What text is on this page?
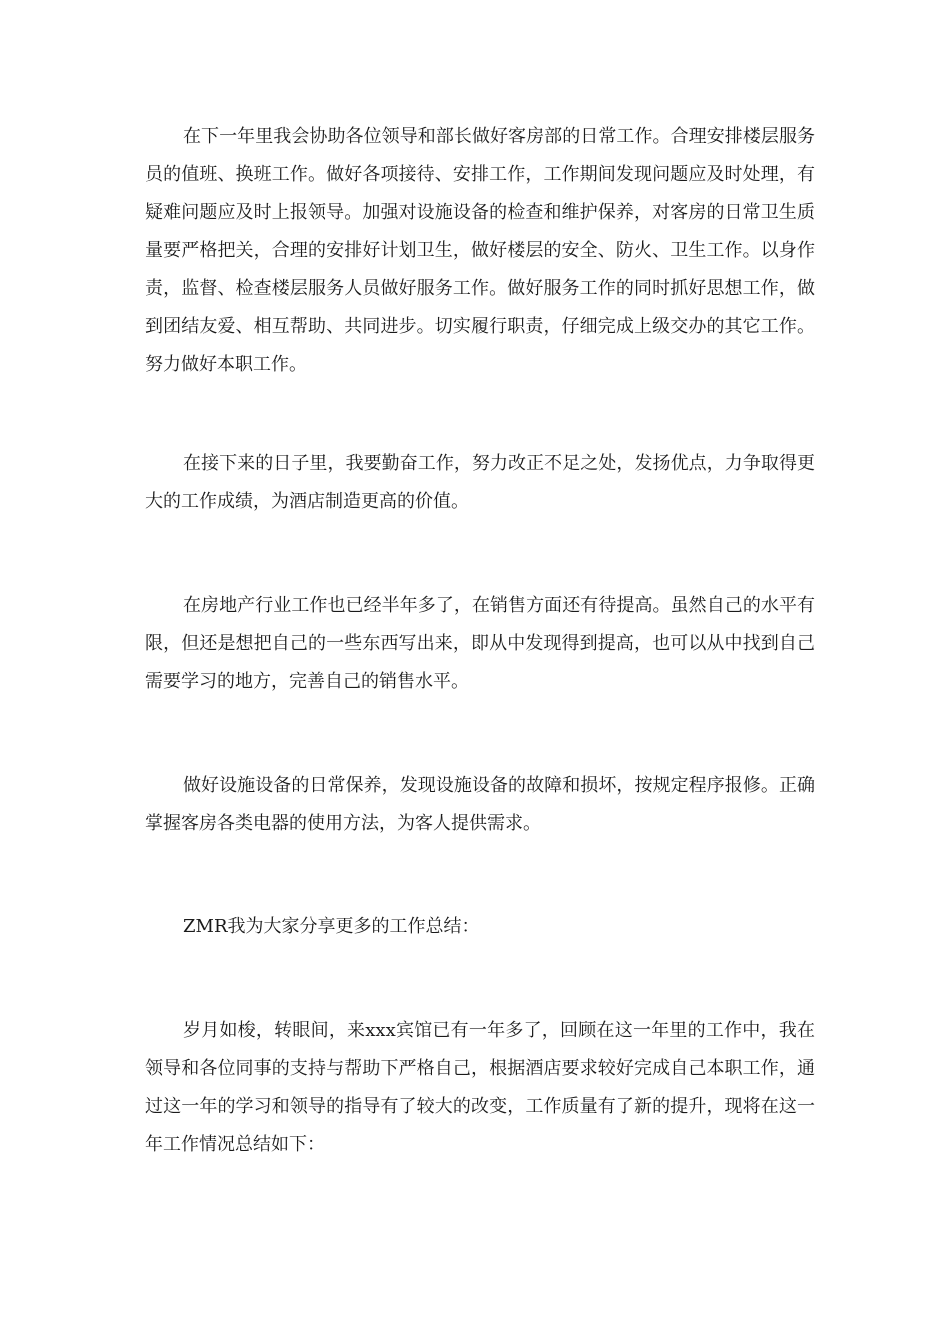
在下一年里我会协助各位领导和部长做好客房部的日常工作。合理安排楼层服务员的值班、换班工作。做好各项接待、安排工作，工作期间发现问题应及时处理，有疑难问题应及时上报领导。加强对设施设备的检查和维护保养，对客房的日常卫生质量要严格把关，合理的安排好计划卫生，做好楼层的安全、防火、卫生工作。以身作责，监督、检查楼层服务人员做好服务工作。做好服务工作的同时抓好思想工作，做到团结友爱、相互帮助、共同进步。切实履行职责，仔细完成上级交办的其它工作。努力做好本职工作。

在接下来的日子里，我要勤奋工作，努力改正不足之处，发扬优点，力争取得更大的工作成绩，为酒店制造更高的价值。

在房地产行业工作也已经半年多了，在销售方面还有待提高。虽然自己的水平有限，但还是想把自己的一些东西写出来，即从中发现得到提高，也可以从中找到自己需要学习的地方，完善自己的销售水平。

做好设施设备的日常保养，发现设施设备的故障和损坏，按规定程序报修。正确掌握客房各类电器的使用方法，为客人提供需求。

ZMR我为大家分享更多的工作总结：

岁月如梭，转眼间，来xxx宾馆已有一年多了，回顾在这一年里的工作中，我在领导和各位同事的支持与帮助下严格自己，根据酒店要求较好完成自己本职工作，通过这一年的学习和领导的指导有了较大的改变，工作质量有了新的提升，现将在这一年工作情况总结如下：
